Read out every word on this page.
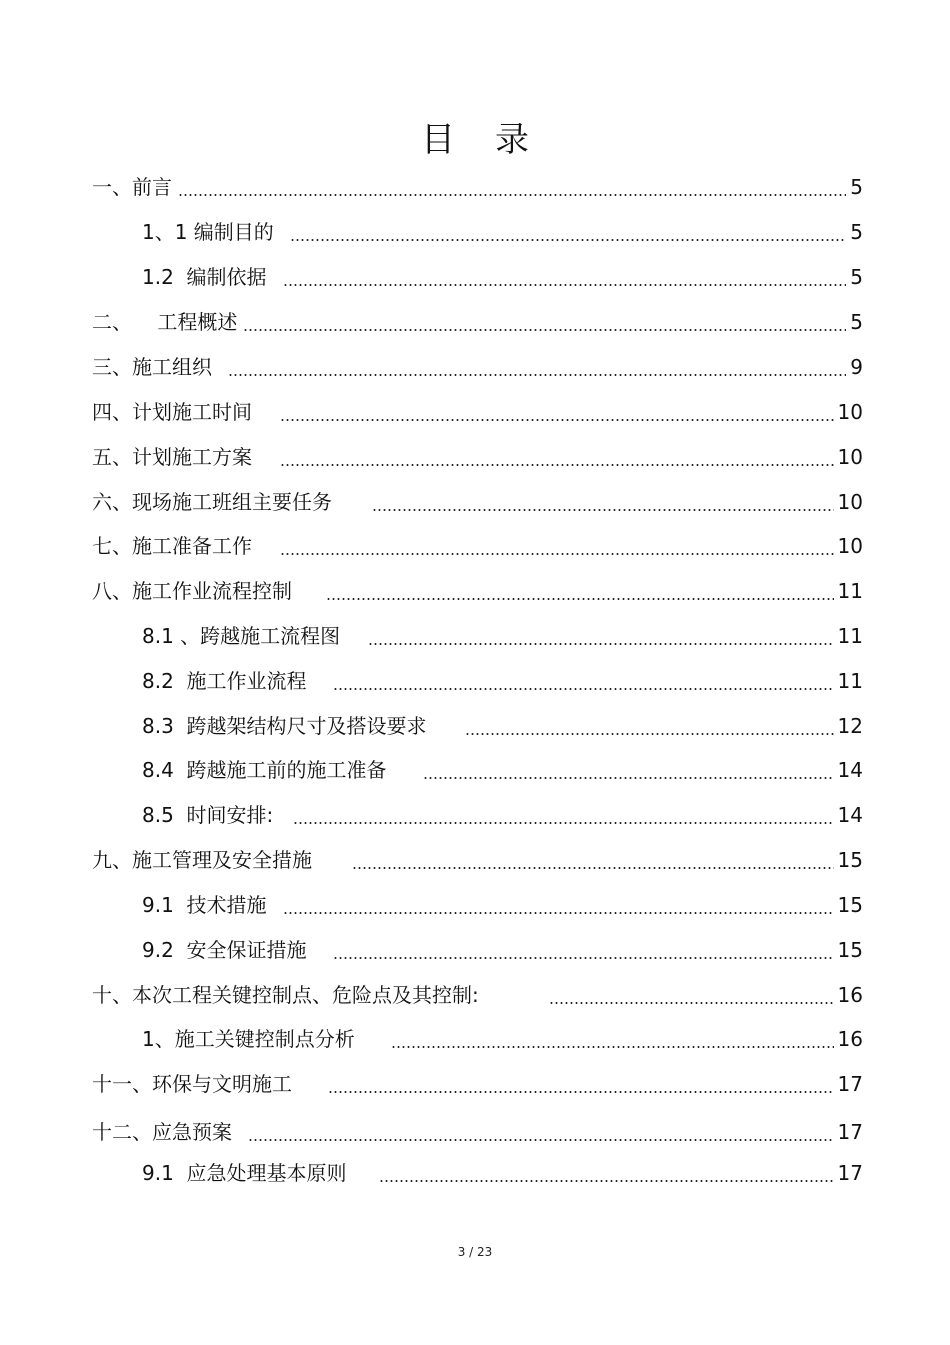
目 录
一、前言	5
1、1 编制目的	5
1.2  编制依据	5
二、    工程概述	5
三、施工组织	9
四、计划施工时间	10
五、计划施工方案	10
六、现场施工班组主要任务	10
七、施工准备工作	10
八、施工作业流程控制	11
8.1 、跨越施工流程图	11
8.2  施工作业流程	11
8.3  跨越架结构尺寸及搭设要求	12
8.4  跨越施工前的施工准备	14
8.5  时间安排:	14
九、施工管理及安全措施	15
9.1  技术措施	15
9.2  安全保证措施	15
十、本次工程关键控制点、危险点及其控制:	16
1、施工关键控制点分析	16
十一、环保与文明施工	17
十二、应急预案	17
9.1  应急处理基本原则	17
3 / 23
